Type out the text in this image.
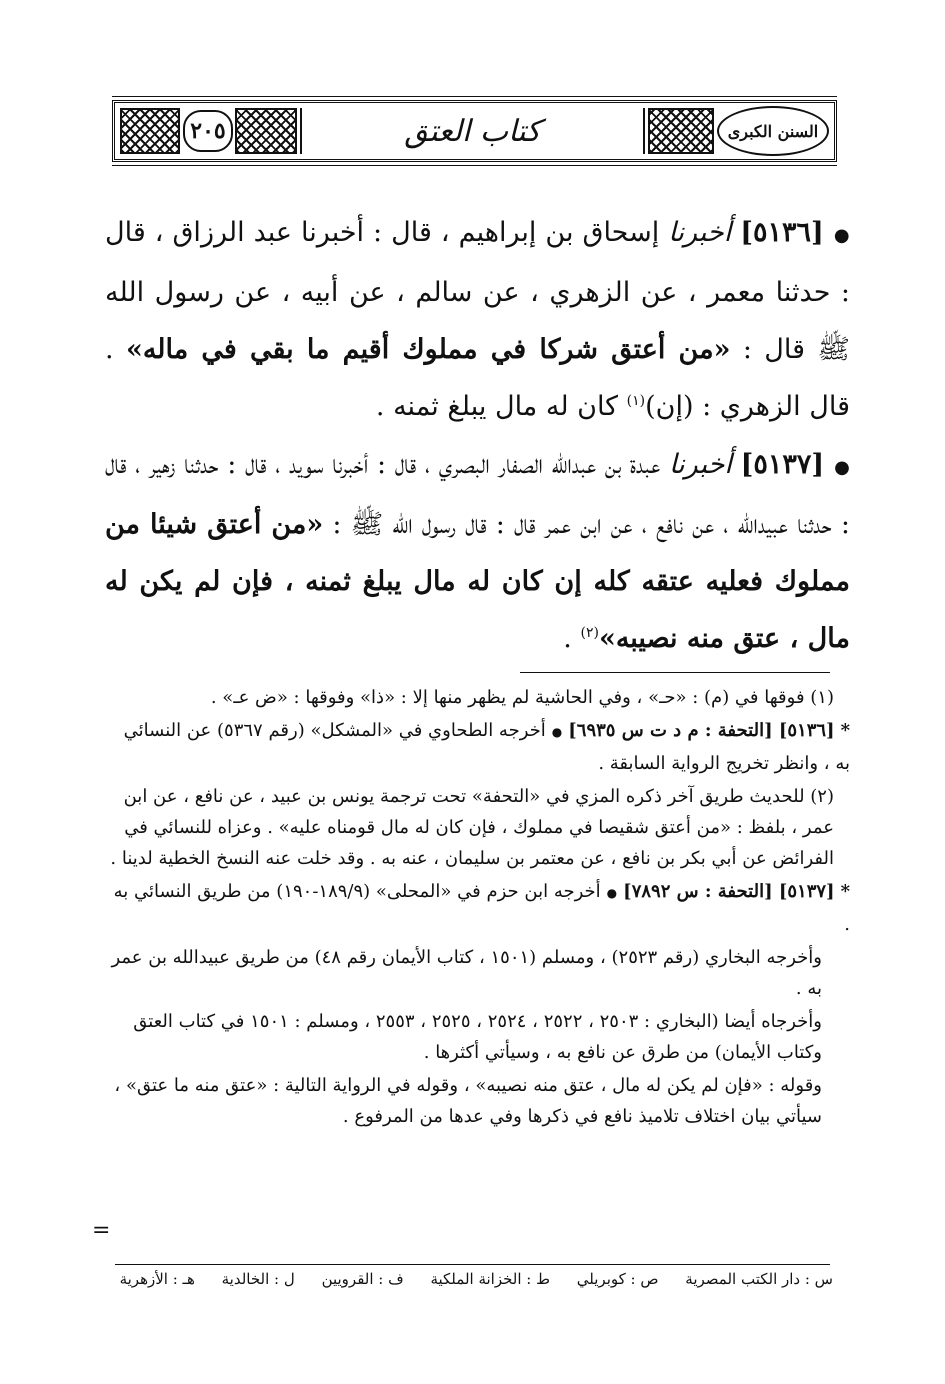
٢٠٥	كتاب العتق	السنن الكبرى
●[٥١٣٦] أخبرنا إسحاق بن إبراهيم ، قال : أخبرنا عبد الرزاق ، قال : حدثنا معمر ، عن الزهري ، عن سالم ، عن أبيه ، عن رسول الله ﷺ قال : «من أعتق شركا في مملوك أقيم ما بقي في ماله» . قال الزهري : (إن)$^{(١)}$ كان له مال يبلغ ثمنه .
●[٥١٣٧] أخبرنا عبدة بن عبدالله الصفار البصري ، قال : أخبرنا سويد ، قال : حدثنا زهير ، قال : حدثنا عبيدالله ، عن نافع ، عن ابن عمر قال : قال رسول الله ﷺ : «من أعتق شيئا من مملوك فعليه عتقه كله إن كان له مال يبلغ ثمنه ، فإن لم يكن له مال ، عتق منه نصيبه»$^{(٢)}$ .

(١) فوقها في (م) : «حـ» ، وفي الحاشية لم يظهر منها إلا : «ذا» وفوقها : «ض عـ» .

*[٥١٣٦] [التحفة : م د ت س ٦٩٣٥]●أخرجه الطحاوي في «المشكل» (رقم ٥٣٦٧) عن النسائي به ، وانظر تخريج الرواية السابقة .

(٢) للحديث طريق آخر ذكره المزي في «التحفة» تحت ترجمة يونس بن عبيد ، عن نافع ، عن ابن عمر ، بلفظ : «من أعتق شقيصا في مملوك ، فإن كان له مال قومناه عليه» . وعزاه للنسائي في الفرائض عن أبي بكر بن نافع ، عن معتمر بن سليمان ، عنه به . وقد خلت عنه النسخ الخطية لدينا .

*[٥١٣٧] [التحفة : س ٧٨٩٢]●أخرجه ابن حزم في «المحلى» (١٨٩/٩-١٩٠) من طريق النسائي به .

وأخرجه البخاري (رقم ٢٥٢٣) ، ومسلم (١٥٠١ ، كتاب الأيمان رقم ٤٨) من طريق عبيدالله بن عمر به .

وأخرجاه أيضا (البخاري : ٢٥٠٣ ، ٢٥٢٢ ، ٢٥٢٤ ، ٢٥٢٥ ، ٢٥٥٣ ، ومسلم : ١٥٠١ في كتاب العتق وكتاب الأيمان) من طرق عن نافع به ، وسيأتي أكثرها .

وقوله : «فإن لم يكن له مال ، عتق منه نصيبه» ، وقوله في الرواية التالية : «عتق منه ما عتق» ، سيأتي بيان اختلاف تلاميذ نافع في ذكرها وفي عدها من المرفوع .

=
س : دار الكتب المصرية ص : كوبريلي ط : الخزانة الملكية ف : القرويين ل : الخالدية هـ : الأزهرية
